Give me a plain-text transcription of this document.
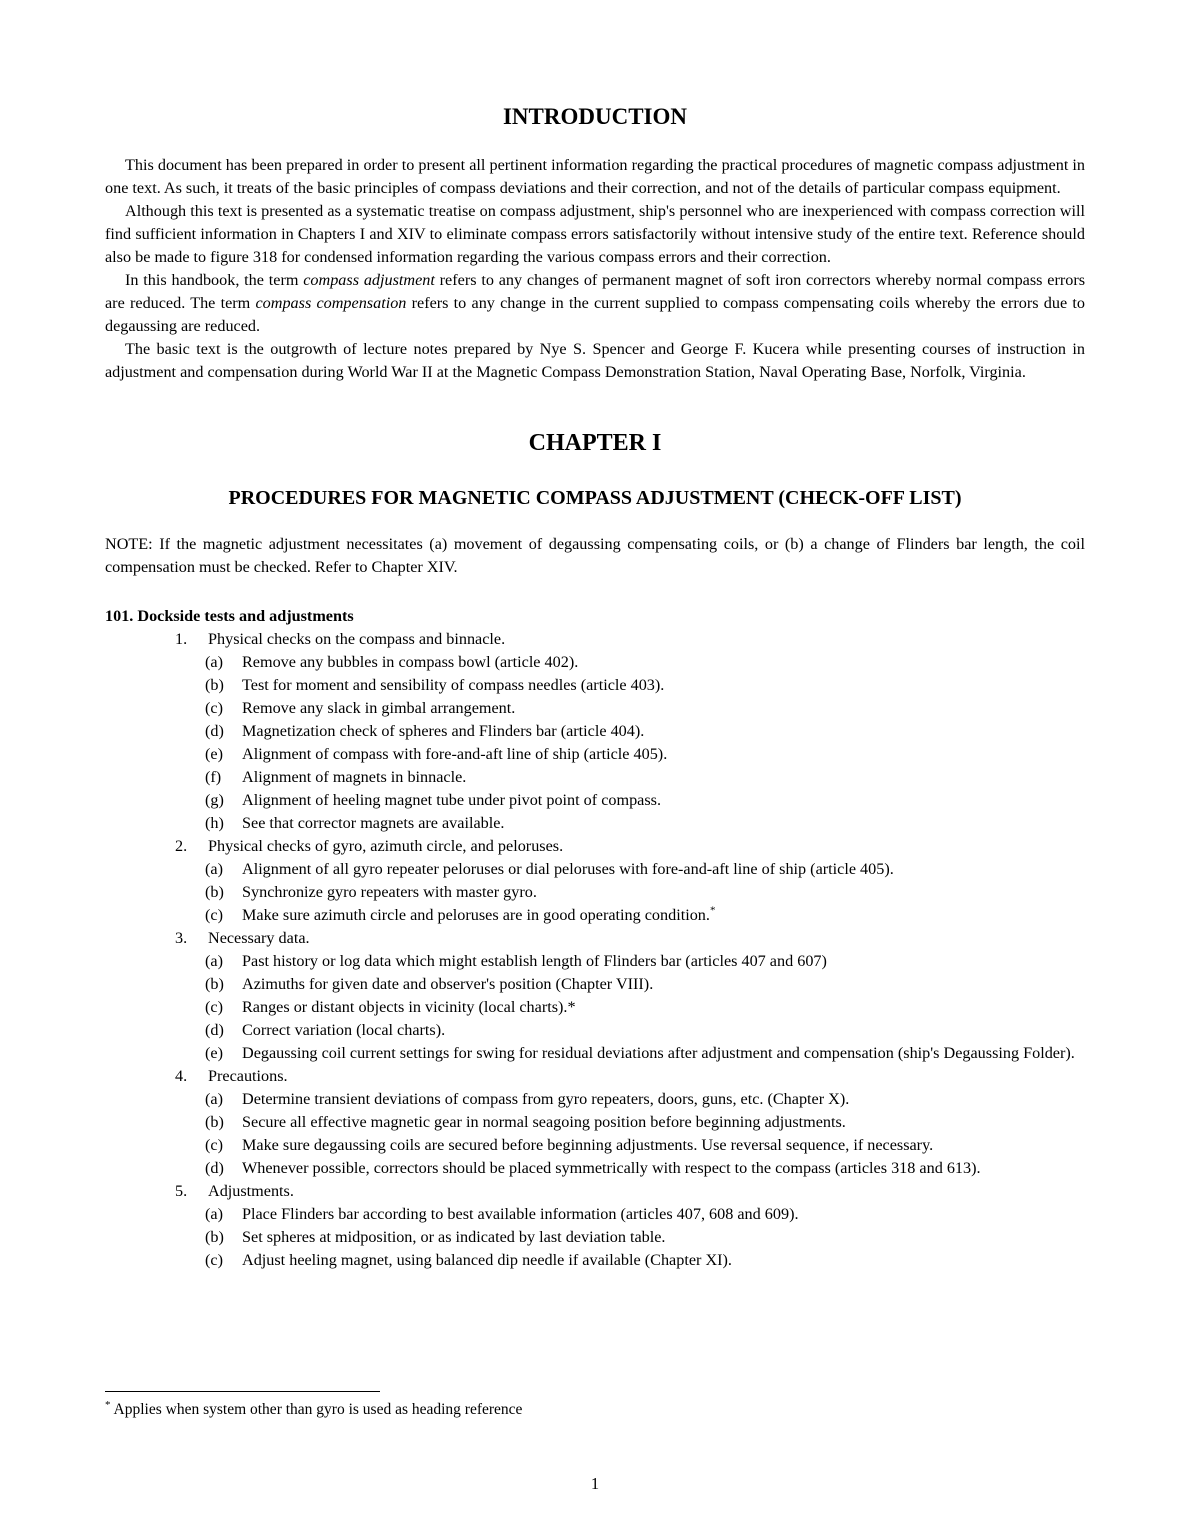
INTRODUCTION

This document has been prepared in order to present all pertinent information regarding the practical procedures of magnetic compass adjustment in one text. As such, it treats of the basic principles of compass deviations and their correction, and not of the details of particular compass equipment.

Although this text is presented as a systematic treatise on compass adjustment, ship's personnel who are inexperienced with compass correction will find sufficient information in Chapters I and XIV to eliminate compass errors satisfactorily without intensive study of the entire text. Reference should also be made to figure 318 for condensed information regarding the various compass errors and their correction.

In this handbook, the term compass adjustment refers to any changes of permanent magnet of soft iron correctors whereby normal compass errors are reduced. The term compass compensation refers to any change in the current supplied to compass compensating coils whereby the errors due to degaussing are reduced.

The basic text is the outgrowth of lecture notes prepared by Nye S. Spencer and George F. Kucera while presenting courses of instruction in adjustment and compensation during World War II at the Magnetic Compass Demonstration Station, Naval Operating Base, Norfolk, Virginia.

CHAPTER I
PROCEDURES FOR MAGNETIC COMPASS ADJUSTMENT (CHECK-OFF LIST)

NOTE: If the magnetic adjustment necessitates (a) movement of degaussing compensating coils, or (b) a change of Flinders bar length, the coil compensation must be checked. Refer to Chapter XIV.

101. Dockside tests and adjustments
1.	Physical checks on the compass and binnacle.
(a)	Remove any bubbles in compass bowl (article 402).
(b)	Test for moment and sensibility of compass needles (article 403).
(c)	Remove any slack in gimbal arrangement.
(d)	Magnetization check of spheres and Flinders bar (article 404).
(e)	Alignment of compass with fore-and-aft line of ship (article 405).
(f)	Alignment of magnets in binnacle.
(g)	Alignment of heeling magnet tube under pivot point of compass.
(h)	See that corrector magnets are available.
2.	Physical checks of gyro, azimuth circle, and peloruses.
(a)	Alignment of all gyro repeater peloruses or dial peloruses with fore-and-aft line of ship (article 405).
(b)	Synchronize gyro repeaters with master gyro.
(c)	Make sure azimuth circle and peloruses are in good operating condition.*
3.	Necessary data.
(a)	Past history or log data which might establish length of Flinders bar (articles 407 and 607)
(b)	Azimuths for given date and observer's position (Chapter VIII).
(c)	Ranges or distant objects in vicinity (local charts).*
(d)	Correct variation (local charts).
(e)	Degaussing coil current settings for swing for residual deviations after adjustment and compensation (ship's Degaussing Folder).
4.	Precautions.
(a)	Determine transient deviations of compass from gyro repeaters, doors, guns, etc. (Chapter X).
(b)	Secure all effective magnetic gear in normal seagoing position before beginning adjustments.
(c)	Make sure degaussing coils are secured before beginning adjustments. Use reversal sequence, if necessary.
(d)	Whenever possible, correctors should be placed symmetrically with respect to the compass (articles 318 and 613).
5.	Adjustments.
(a)	Place Flinders bar according to best available information (articles 407, 608 and 609).
(b)	Set spheres at midposition, or as indicated by last deviation table.
(c)	Adjust heeling magnet, using balanced dip needle if available (Chapter XI).

* Applies when system other than gyro is used as heading reference

1
